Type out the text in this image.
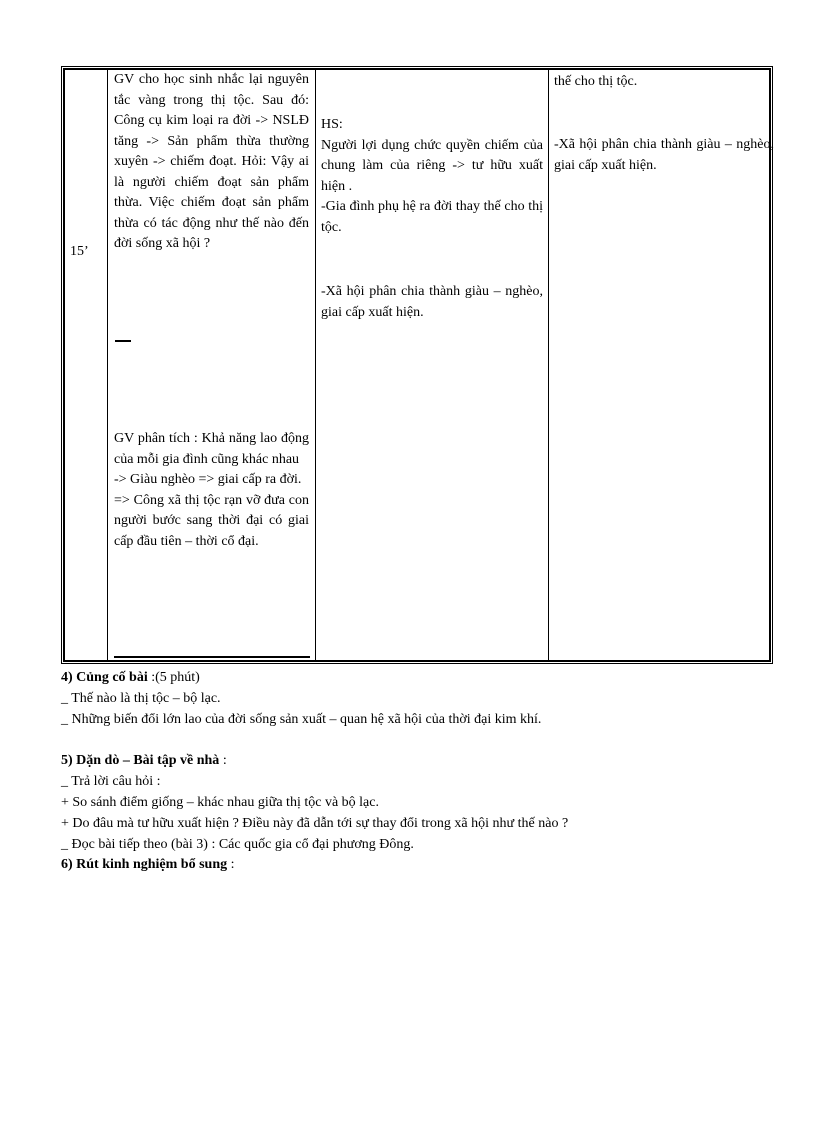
15’

GV cho học sinh nhắc lại nguyên tắc vàng trong thị tộc. Sau đó: Công cụ kim loại ra đời -> NSLĐ tăng -> Sản phẩm thừa thường xuyên -> chiếm đoạt. Hỏi: Vậy ai là người chiếm đoạt sản phẩm thừa. Việc chiếm đoạt sản phẩm thừa có tác động như thế nào đến đời sống xã hội ?

GV phân tích : Khả năng lao động của mỗi gia đình cũng khác nhau

-> Giàu nghèo => giai cấp ra đời.

=> Công xã thị tộc rạn vỡ đưa con người bước sang thời đại có giai cấp đầu tiên – thời cổ đại.

HS:

Người lợi dụng chức quyền chiếm của chung làm của riêng -> tư hữu xuất hiện .

-Gia đình phụ hệ ra đời thay thế cho thị tộc.

-Xã hội phân chia thành giàu – nghèo, giai cấp xuất hiện.

thế cho thị tộc.

-Xã hội phân chia thành giàu – nghèo, giai cấp xuất hiện.

4) Củng cố bài :(5 phút)

_ Thế nào là thị tộc – bộ lạc.

_ Những biến đổi lớn lao của đời sống sản xuất – quan hệ xã hội của thời đại kim khí.

5) Dặn dò – Bài tập về nhà :

_ Trả lời câu hỏi :

+ So sánh điểm giống – khác nhau giữa thị tộc và bộ lạc.

+ Do đâu mà tư hữu xuất hiện ? Điều này đã dẫn tới sự thay đổi trong xã hội như thế nào ?

_ Đọc bài tiếp theo (bài 3) : Các quốc gia cổ đại phương Đông.

6) Rút kinh nghiệm bổ sung :
